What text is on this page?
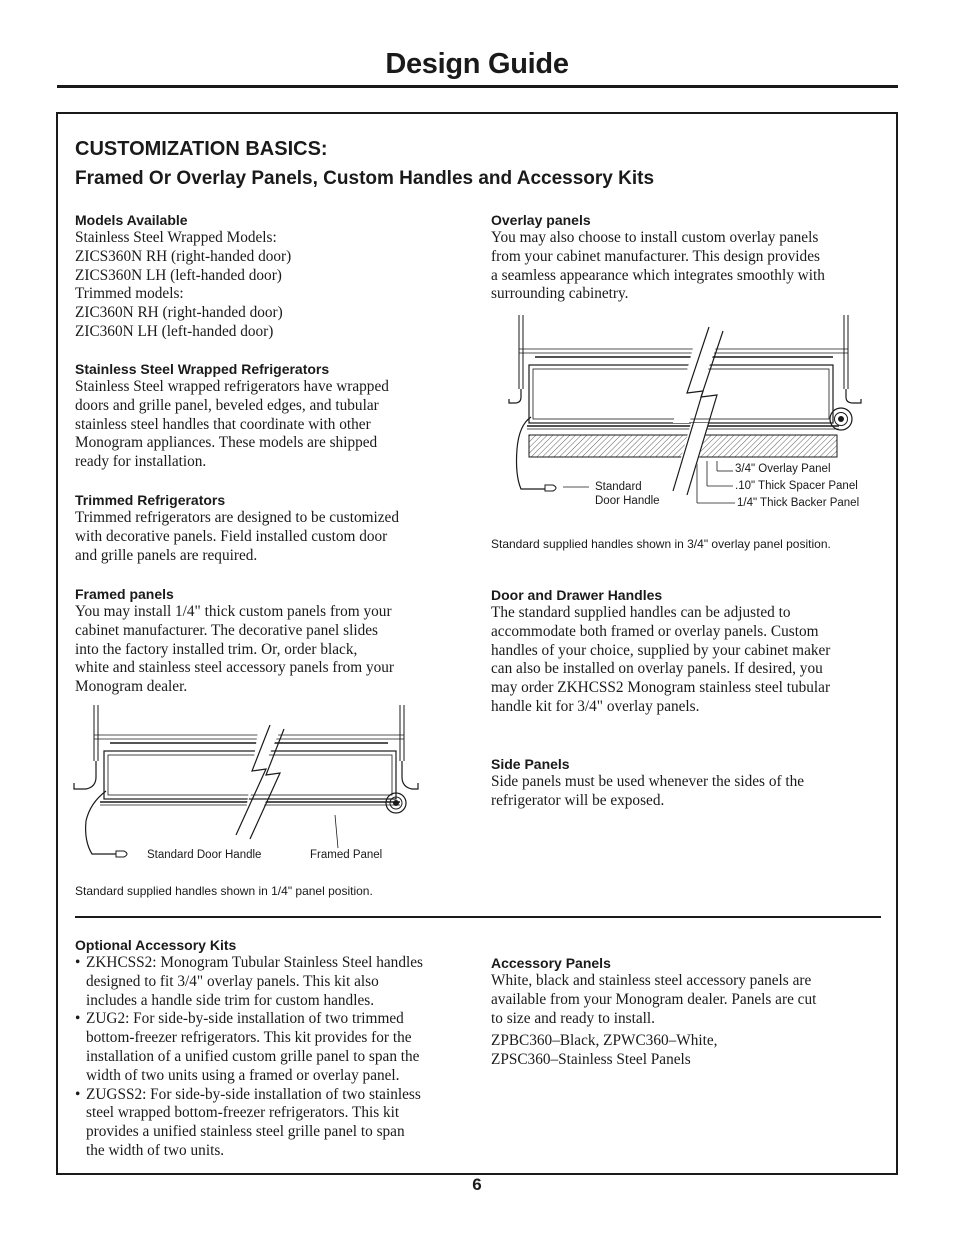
Design Guide
CUSTOMIZATION BASICS:
Framed Or Overlay Panels, Custom Handles and Accessory Kits
Models Available
Stainless Steel Wrapped Models:
ZICS360N RH (right-handed door)
ZICS360N LH (left-handed door)
Trimmed models:
ZIC360N RH (right-handed door)
ZIC360N LH (left-handed door)
Stainless Steel Wrapped Refrigerators
Stainless Steel wrapped refrigerators have wrapped
doors and grille panel, beveled edges, and tubular
stainless steel handles that coordinate with other
Monogram appliances. These models are shipped
ready for installation.
Trimmed Refrigerators
Trimmed refrigerators are designed to be customized
with decorative panels. Field installed custom door
and grille panels are required.
Framed panels
You may install 1/4" thick custom panels from your
cabinet manufacturer. The decorative panel slides
into the factory installed trim. Or, order black,
white and stainless steel accessory panels from your
Monogram dealer.
Standard Door Handle	Framed Panel
Standard supplied handles shown in 1/4" panel position.
Overlay panels
You may also choose to install custom overlay panels
from your cabinet manufacturer. This design provides
a seamless appearance which integrates smoothly with
surrounding cabinetry.
Standard
Door Handle
3/4" Overlay Panel
.10" Thick Spacer Panel
1/4" Thick Backer Panel
Standard supplied handles shown in 3/4" overlay panel position.
Door and Drawer Handles
The standard supplied handles can be adjusted to
accommodate both framed or overlay panels. Custom
handles of your choice, supplied by your cabinet maker
can also be installed on overlay panels. If desired, you
may order ZKHCSS2 Monogram stainless steel tubular
handle kit for 3/4" overlay panels.
Side Panels
Side panels must be used whenever the sides of the
refrigerator will be exposed.
Optional Accessory Kits
• ZKHCSS2: Monogram Tubular Stainless Steel handles
designed to fit 3/4" overlay panels. This kit also
includes a handle side trim for custom handles.
• ZUG2: For side-by-side installation of two trimmed
bottom-freezer refrigerators. This kit provides for the
installation of a unified custom grille panel to span the
width of two units using a framed or overlay panel.
• ZUGSS2: For side-by-side installation of two stainless
steel wrapped bottom-freezer refrigerators. This kit
provides a unified stainless steel grille panel to span
the width of two units.
Accessory Panels
White, black and stainless steel accessory panels are
available from your Monogram dealer. Panels are cut
to size and ready to install.
ZPBC360–Black, ZPWC360–White,
ZPSC360–Stainless Steel Panels
6
